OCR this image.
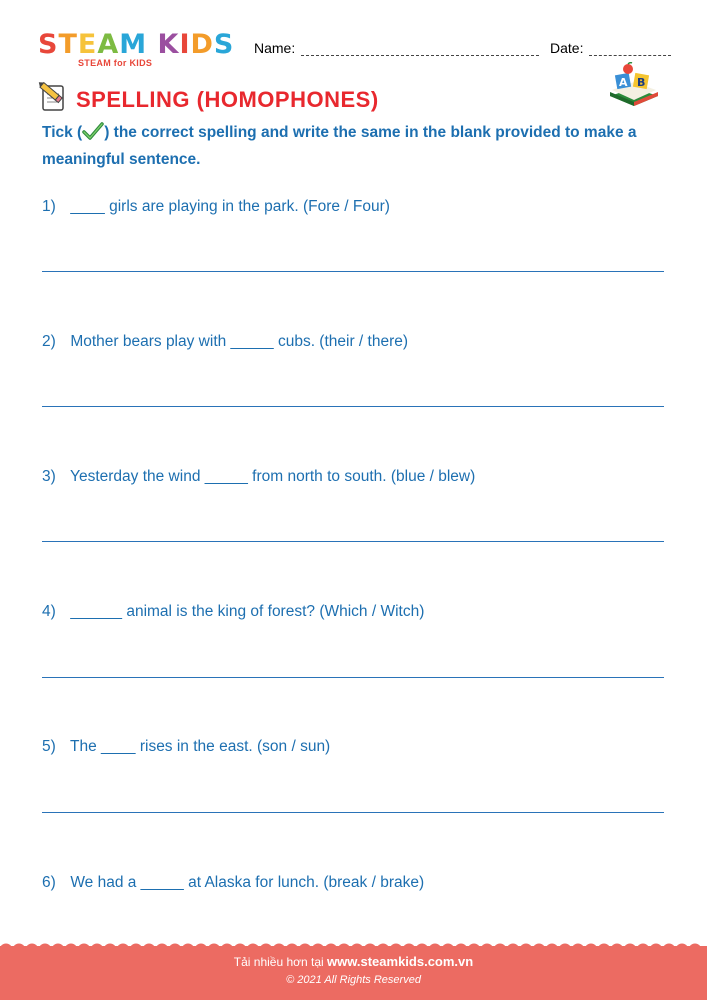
STEAM KIDS
STEAM for KIDS
Name:	Date:
SPELLING (HOMOPHONES)
A B
Tick ( ) the correct spelling and write the same in the blank provided to make a meaningful sentence.
1) ____ girls are playing in the park. (Fore / Four)
2) Mother bears play with _____ cubs. (their / there)
3) Yesterday the wind _____ from north to south. (blue / blew)
4) ______ animal is the king of forest? (Which / Witch)
5) The ____ rises in the east. (son / sun)
6) We had a _____ at Alaska for lunch. (break / brake)
Tải nhiều hơn tại www.steamkids.com.vn
© 2021 All Rights Reserved
